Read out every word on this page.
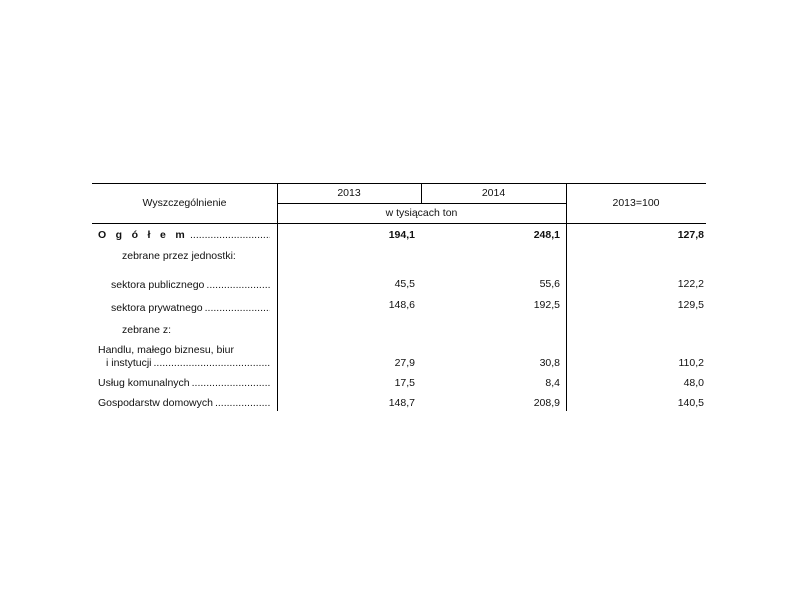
Wyszczególnienie
2013	2014
w tysiącach ton
2013=100
O g ó ł e m .....	194,1	248,1	127,8
zebrane przez jednostki:
sektora publicznego .....	45,5	55,6	122,2
sektora prywatnego .....	148,6	192,5	129,5
zebrane z:
Handlu, małego biznesu, biur
i instytucji .....	27,9	30,8	110,2
Usług komunalnych .....	17,5	8,4	48,0
Gospodarstw domowych .....	148,7	208,9	140,5
